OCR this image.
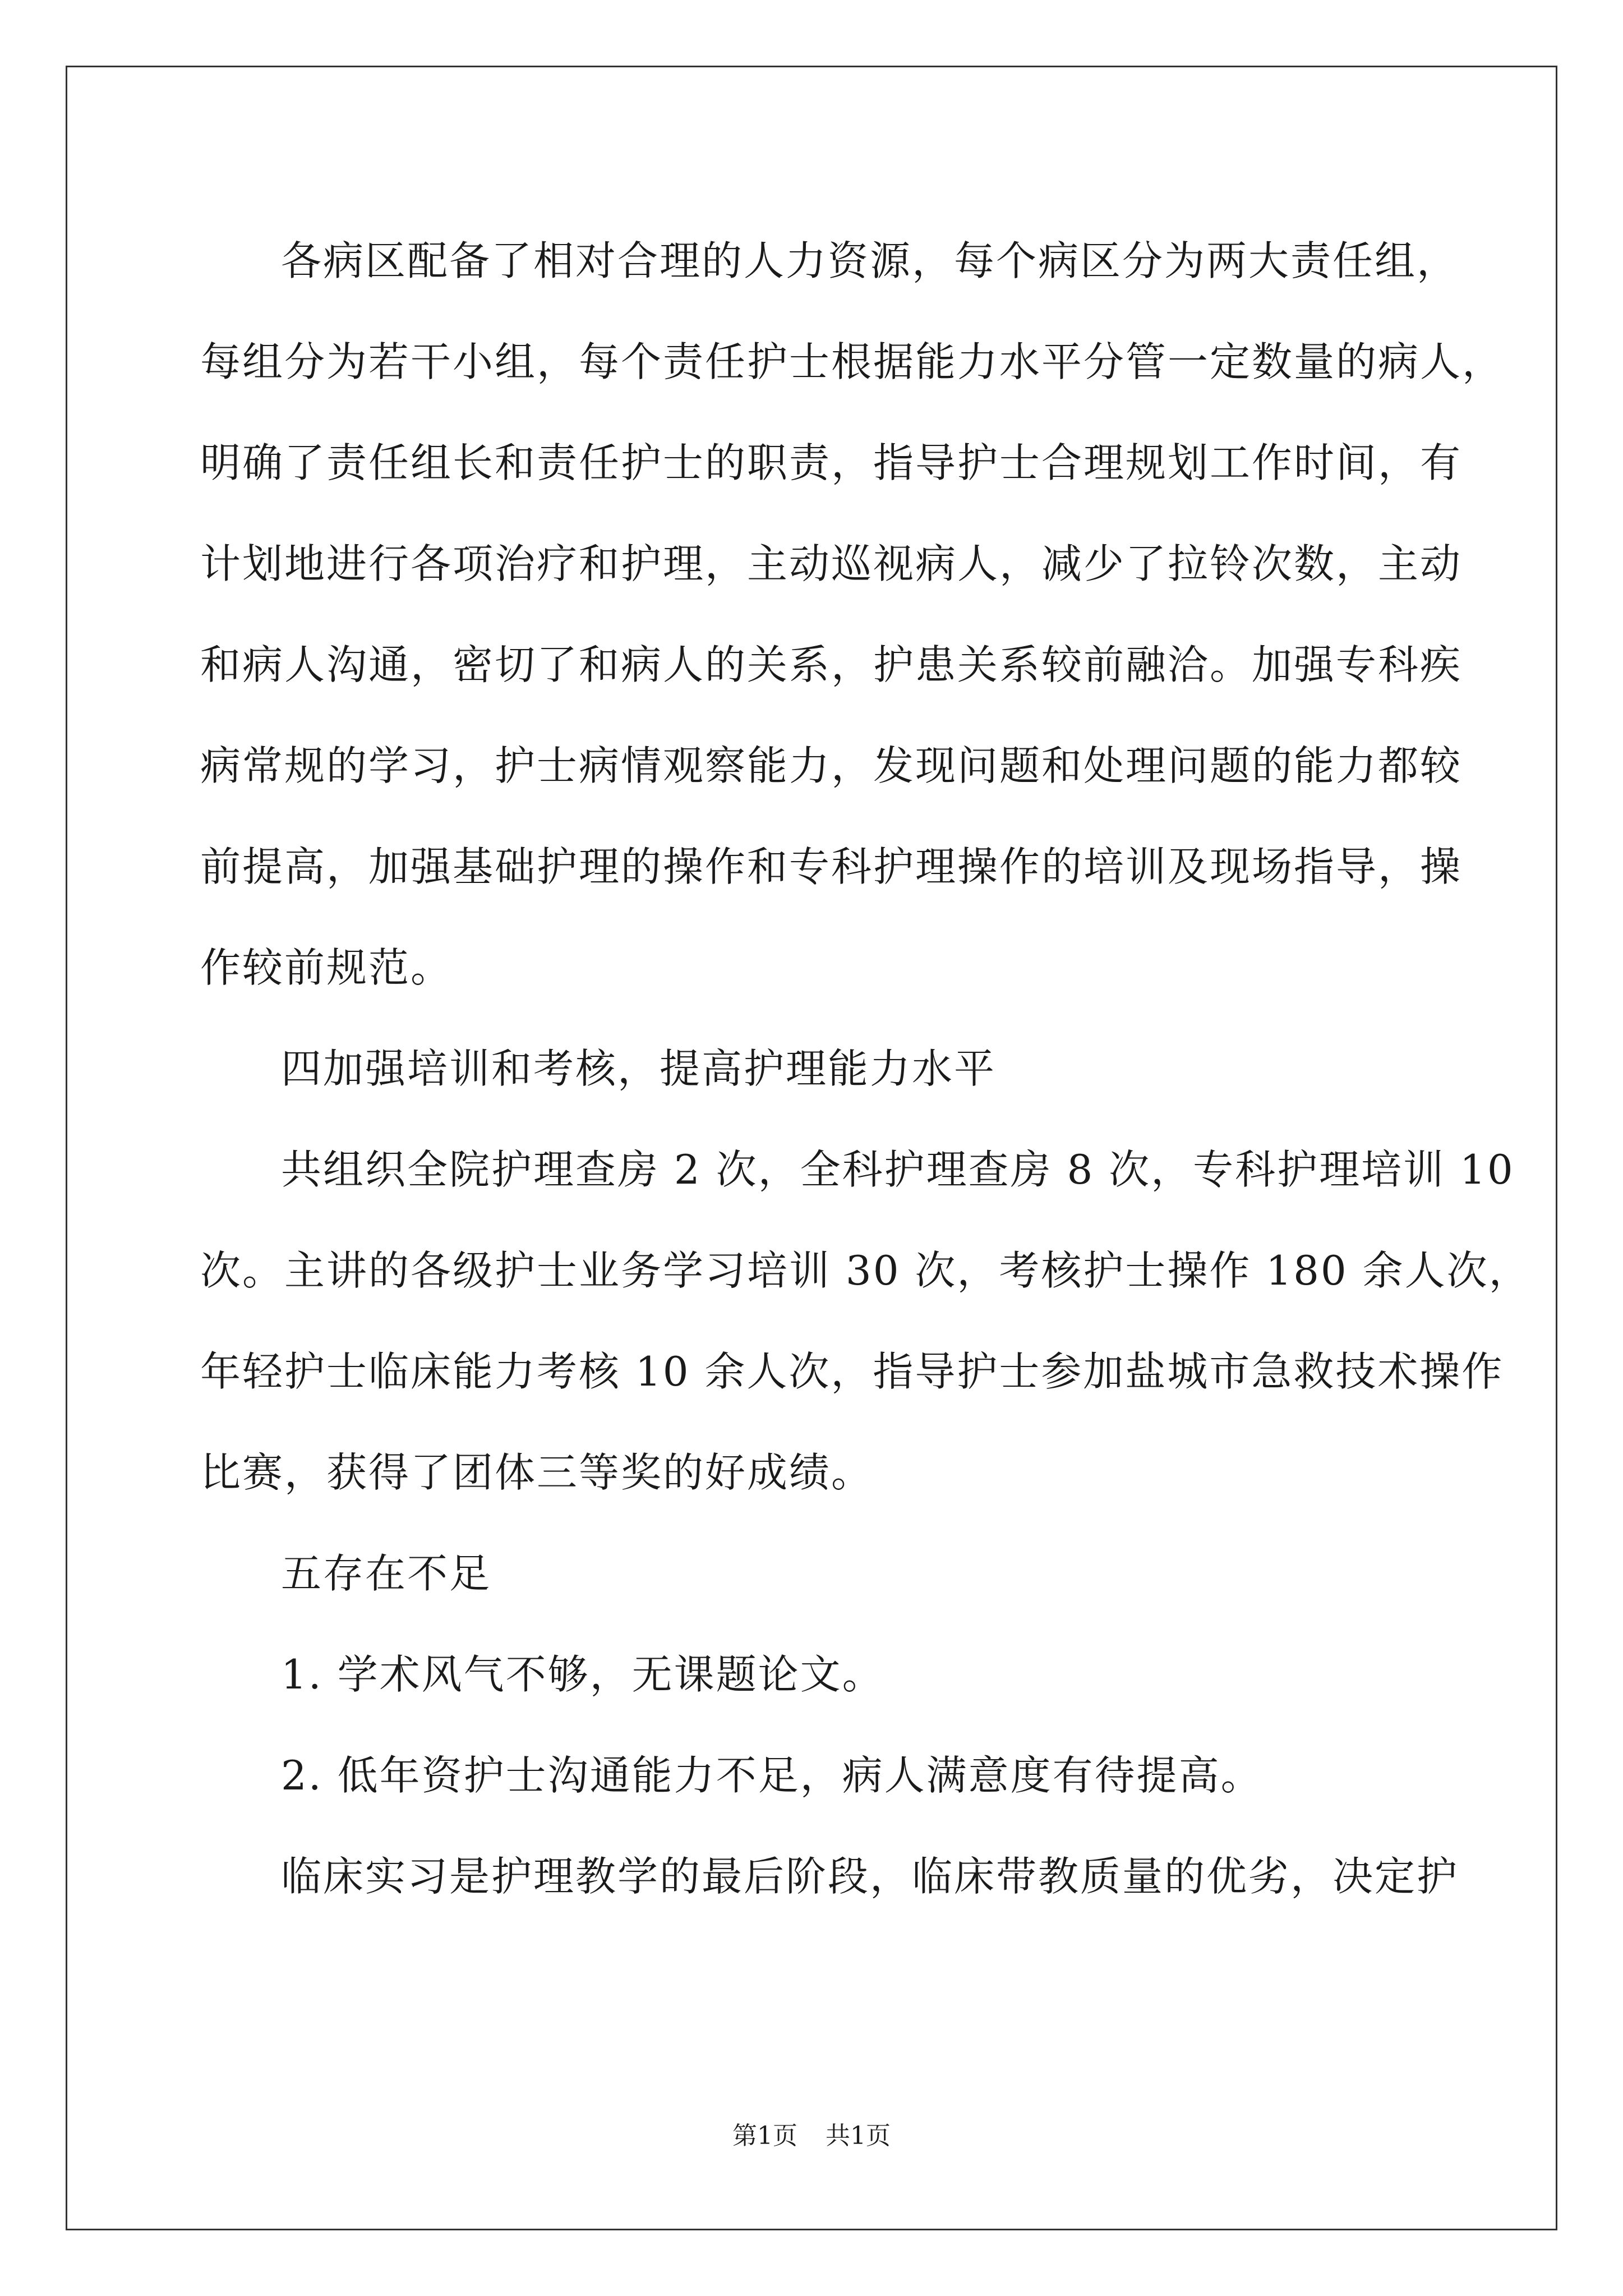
各病区配备了相对合理的人力资源，每个病区分为两大责任组，
每组分为若干小组，每个责任护士根据能力水平分管一定数量的病人，
明确了责任组长和责任护士的职责，指导护士合理规划工作时间，有
计划地进行各项治疗和护理，主动巡视病人，减少了拉铃次数，主动
和病人沟通，密切了和病人的关系，护患关系较前融洽。加强专科疾
病常规的学习，护士病情观察能力，发现问题和处理问题的能力都较
前提高，加强基础护理的操作和专科护理操作的培训及现场指导，操
作较前规范。
四加强培训和考核，提高护理能力水平
共组织全院护理查房 2 次，全科护理查房 8 次，专科护理培训 10
次。主讲的各级护士业务学习培训 30 次，考核护士操作 180 余人次，
年轻护士临床能力考核 10 余人次，指导护士参加盐城市急救技术操作
比赛，获得了团体三等奖的好成绩。
五存在不足
1. 学术风气不够，无课题论文。
2. 低年资护士沟通能力不足，病人满意度有待提高。
临床实习是护理教学的最后阶段，临床带教质量的优劣，决定护
第1页 共1页
